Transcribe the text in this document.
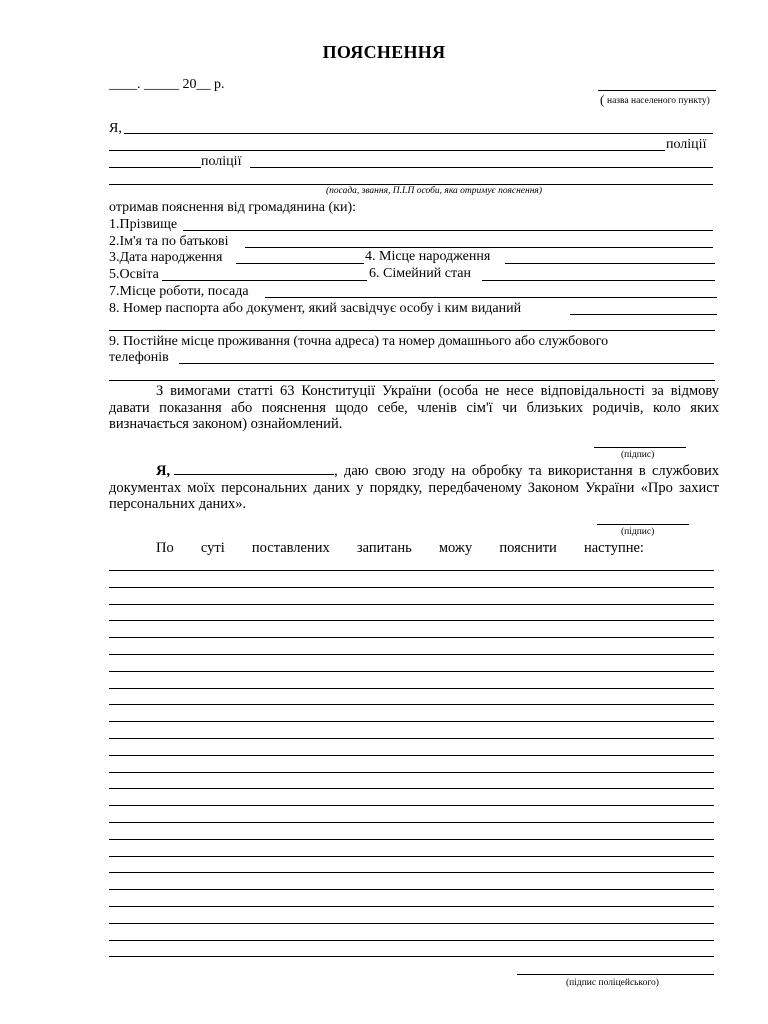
ПОЯСНЕННЯ
____. _____ 20__ р.
( назва населеного пункту)
Я,
поліції
поліції
(посада, звання, П.І.П особи, яка отримує пояснення)
отримав пояснення від громадянина (ки):
1.Прізвище
2.Ім'я та по батькові
3.Дата народження	4. Місце народження
5.Освіта	6. Сімейний стан
7.Місце роботи, посада
8. Номер паспорта або документ, який засвідчує особу і ким виданий
9. Постійне місце проживання (точна адреса) та номер домашнього або службового
телефонів
З вимогами статті 63 Конституції України (особа не несе відповідальності за відмову давати показання або пояснення щодо себе, членів сім'ї чи близьких родичів, коло яких визначається законом) ознайомлений.
(підпис)
Я,	, даю свою згоду на обробку та використання в службових документах моїх персональних даних у порядку, передбаченому Законом України «Про захист персональних даних».
(підпис)
По суті поставлених запитань можу пояснити наступне:
(підпис поліцейського)
